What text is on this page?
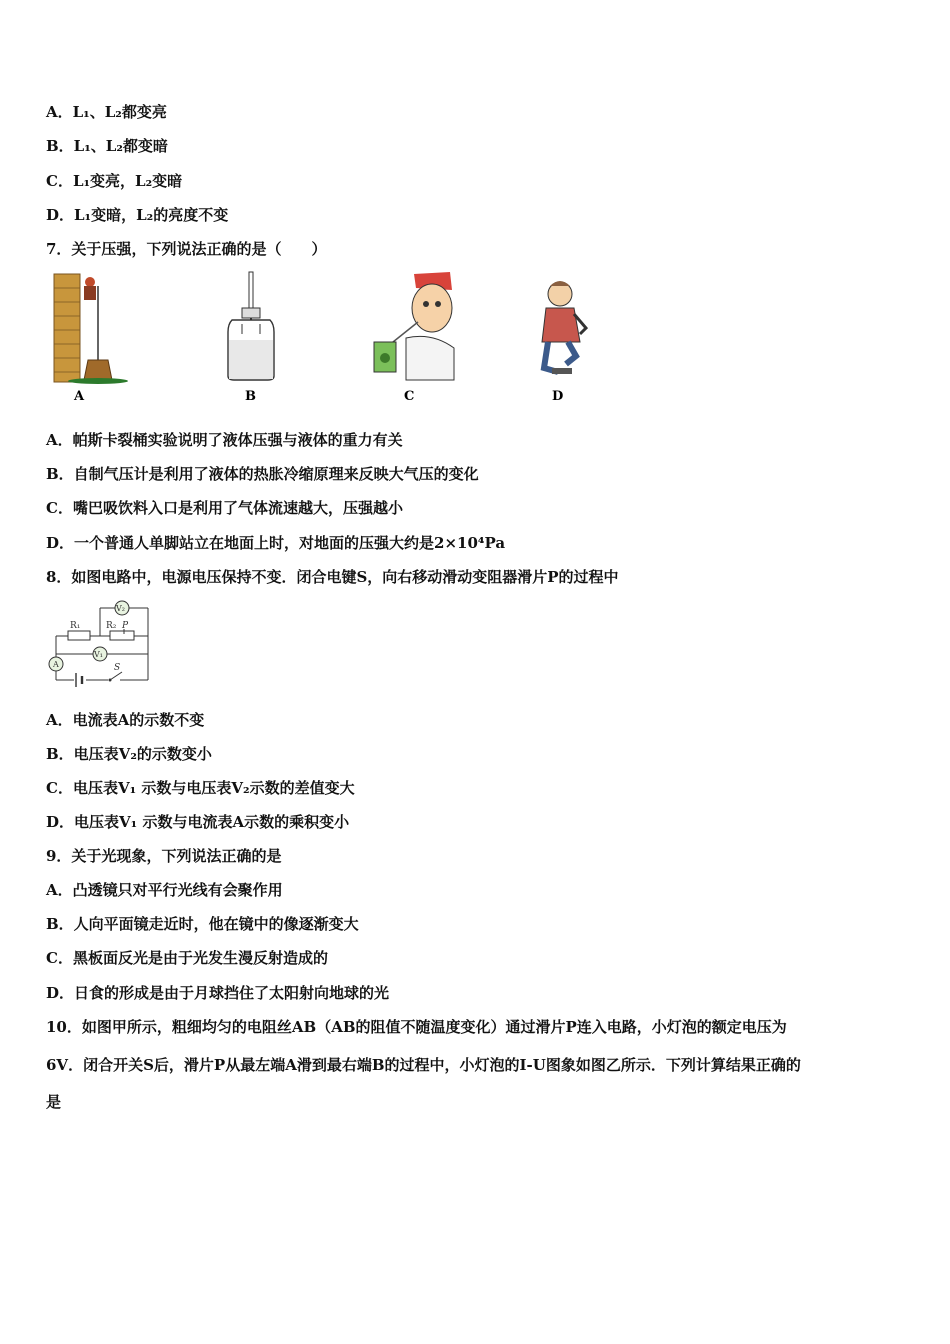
A．L₁、L₂都变亮
B．L₁、L₂都变暗
C．L₁变亮，L₂变暗
D．L₁变暗，L₂的亮度不变
7．关于压强，下列说法正确的是（　　）
A	B	C	D
A．帕斯卡裂桶实验说明了液体压强与液体的重力有关
B．自制气压计是利用了液体的热胀冷缩原理来反映大气压的变化
C．嘴巴吸饮料入口是利用了气体流速越大，压强越小
D．一个普通人单脚站立在地面上时，对地面的压强大约是2×10⁴Pa
8．如图电路中，电源电压保持不变．闭合电键S，向右移动滑动变阻器滑片P的过程中
S
R₁	R₂ P
V₂
A
V₁
A．电流表A的示数不变
B．电压表V₂的示数变小
C．电压表V₁ 示数与电压表V₂示数的差值变大
D．电压表V₁ 示数与电流表A示数的乘积变小
9．关于光现象，下列说法正确的是
A．凸透镜只对平行光线有会聚作用
B．人向平面镜走近时，他在镜中的像逐渐变大
C．黑板面反光是由于光发生漫反射造成的
D．日食的形成是由于月球挡住了太阳射向地球的光
10．如图甲所示，粗细均匀的电阻丝AB（AB的阻值不随温度变化）通过滑片P连入电路，小灯泡的额定电压为
6V．闭合开关S后，滑片P从最左端A滑到最右端B的过程中，小灯泡的I-U图象如图乙所示．下列计算结果正确的
是
